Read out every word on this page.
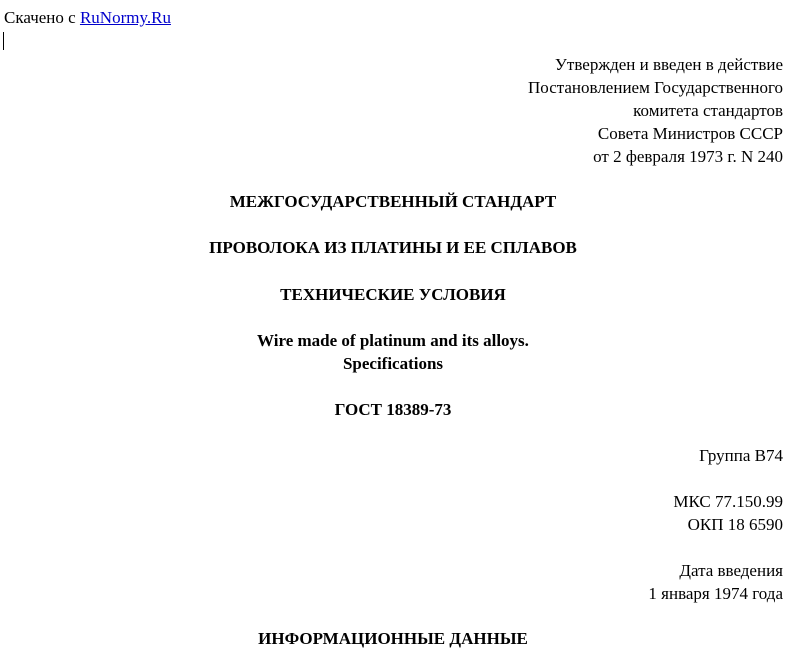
Скачено с RuNormy.Ru
Утвержден и введен в действие
Постановлением Государственного
комитета стандартов
Совета Министров СССР
от 2 февраля 1973 г. N 240
МЕЖГОСУДАРСТВЕННЫЙ СТАНДАРТ
ПРОВОЛОКА ИЗ ПЛАТИНЫ И ЕЕ СПЛАВОВ
ТЕХНИЧЕСКИЕ УСЛОВИЯ
Wire made of platinum and its alloys.
Specifications
ГОСТ 18389-73
Группа В74
МКС 77.150.99
ОКП 18 6590
Дата введения
1 января 1974 года
ИНФОРМАЦИОННЫЕ ДАННЫЕ
